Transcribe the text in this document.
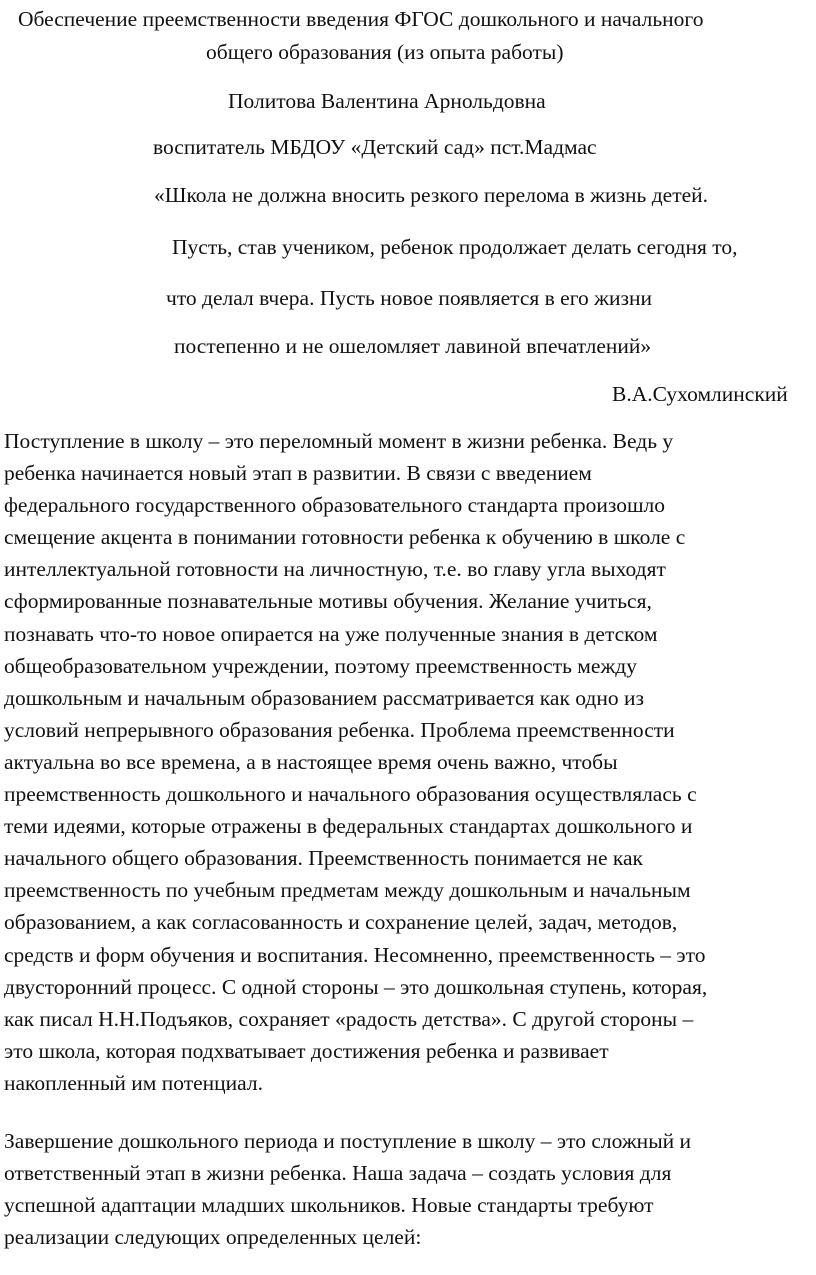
Обеспечение преемственности введения ФГОС дошкольного и начального
общего образования (из опыта работы)
Политова Валентина Арнольдовна
воспитатель МБДОУ «Детский сад» пст.Мадмас
«Школа не должна вносить резкого перелома в жизнь детей.
Пусть, став учеником, ребенок продолжает делать сегодня то,
что делал вчера. Пусть новое появляется в его жизни
постепенно и не ошеломляет лавиной впечатлений»
В.А.Сухомлинский
Поступление в школу – это переломный момент в жизни ребенка. Ведь у
ребенка начинается новый этап в развитии. В связи с введением
федерального государственного образовательного стандарта произошло
смещение акцента в понимании готовности ребенка к обучению в школе с
интеллектуальной готовности на личностную, т.е. во главу угла выходят
сформированные познавательные мотивы обучения. Желание учиться,
познавать что-то новое опирается на уже полученные знания в детском
общеобразовательном учреждении, поэтому преемственность между
дошкольным и начальным образованием рассматривается как одно из
условий непрерывного образования ребенка. Проблема преемственности
актуальна во все времена, а в настоящее время очень важно, чтобы
преемственность дошкольного и начального образования осуществлялась с
теми идеями, которые отражены в федеральных стандартах дошкольного и
начального общего образования. Преемственность понимается не как
преемственность по учебным предметам между дошкольным и начальным
образованием, а как согласованность и сохранение целей, задач, методов,
средств и форм обучения и воспитания. Несомненно, преемственность – это
двусторонний процесс. С одной стороны – это дошкольная ступень, которая,
как писал Н.Н.Подъяков, сохраняет «радость детства». С другой стороны –
это школа, которая подхватывает достижения ребенка и развивает
накопленный им потенциал.
Завершение дошкольного периода и поступление в школу – это сложный и
ответственный этап в жизни ребенка. Наша задача – создать условия для
успешной адаптации младших школьников. Новые стандарты требуют
реализации следующих определенных целей:
